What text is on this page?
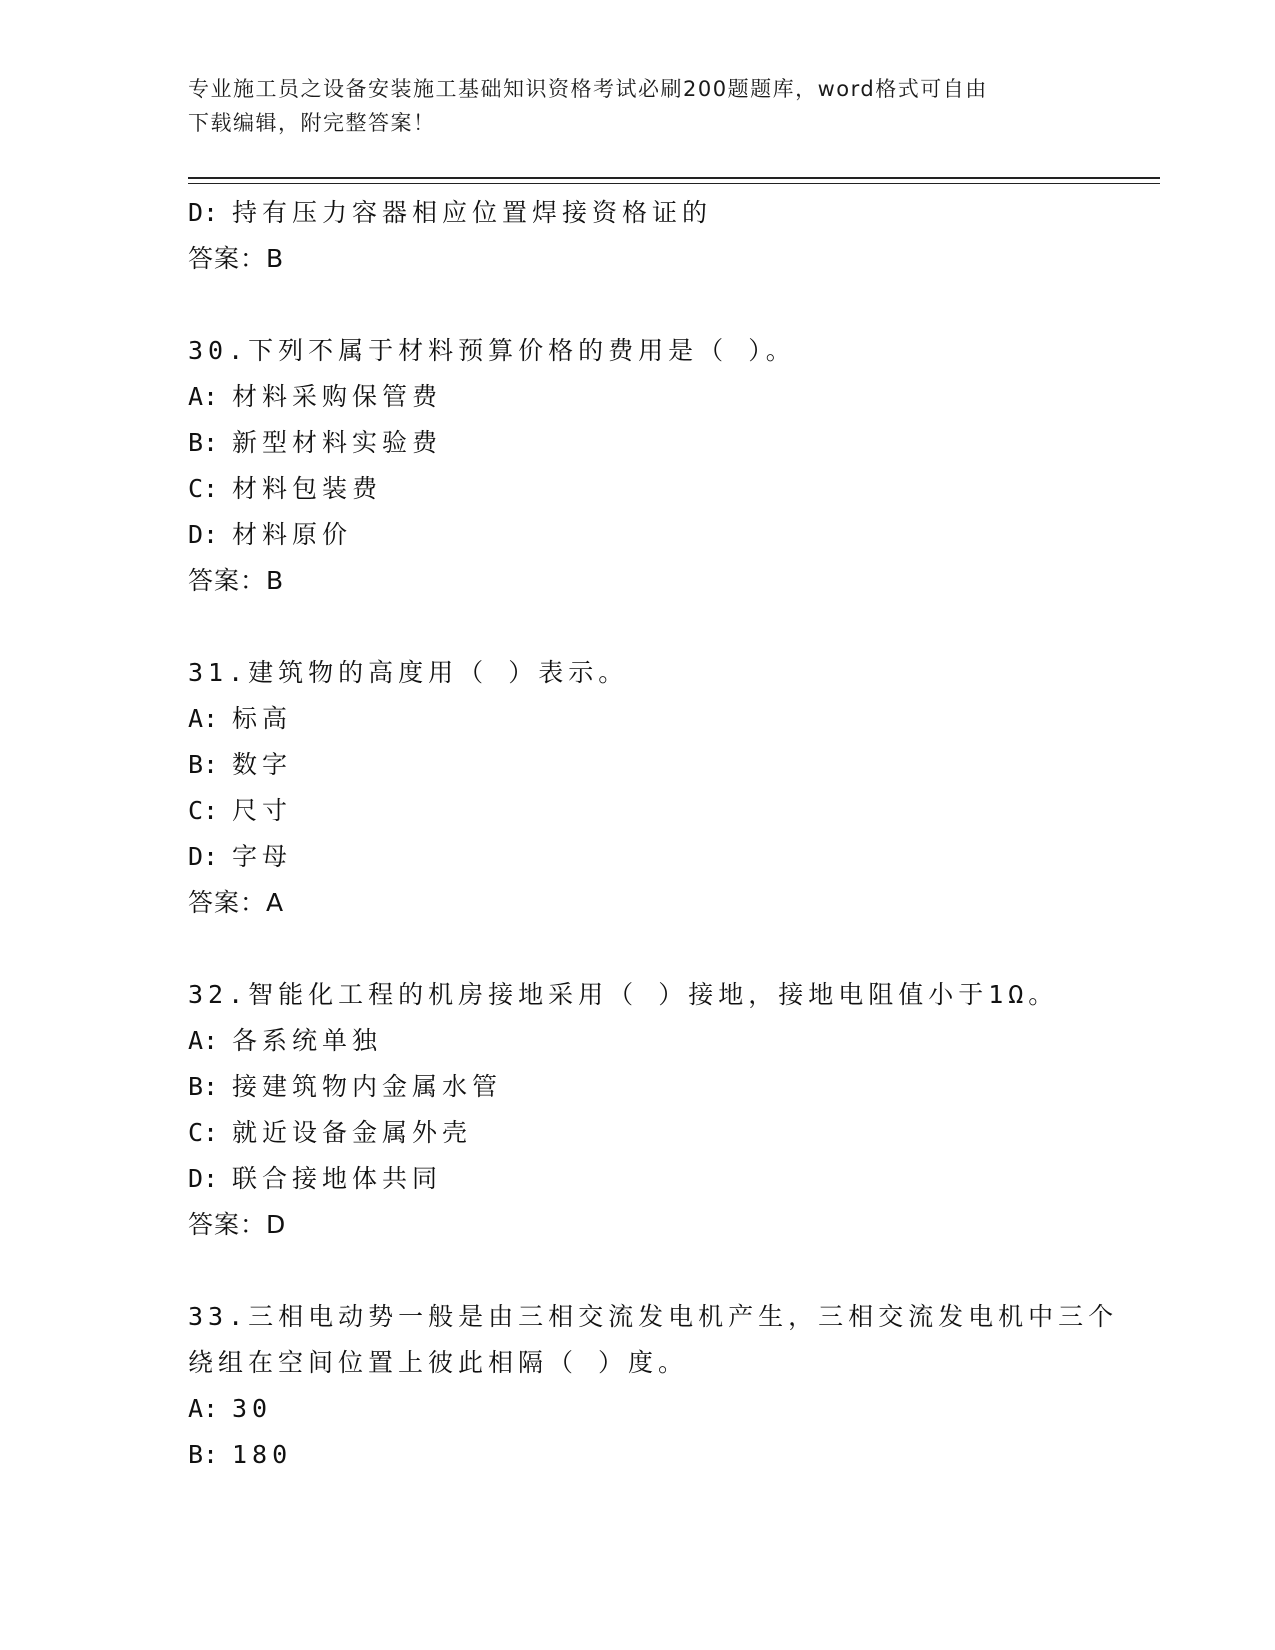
专业施工员之设备安装施工基础知识资格考试必刷200题题库，word格式可自由
下载编辑，附完整答案！
D: 持有压力容器相应位置焊接资格证的
答案：B
30.下列不属于材料预算价格的费用是（ ）。
A: 材料采购保管费
B: 新型材料实验费
C: 材料包装费
D: 材料原价
答案：B
31.建筑物的高度用（ ）表示。
A: 标高
B: 数字
C: 尺寸
D: 字母
答案：A
32.智能化工程的机房接地采用（ ）接地，接地电阻值小于1Ω。
A: 各系统单独
B: 接建筑物内金属水管
C: 就近设备金属外壳
D: 联合接地体共同
答案：D
33.三相电动势一般是由三相交流发电机产生，三相交流发电机中三个
绕组在空间位置上彼此相隔（ ）度。
A: 30
B: 180
